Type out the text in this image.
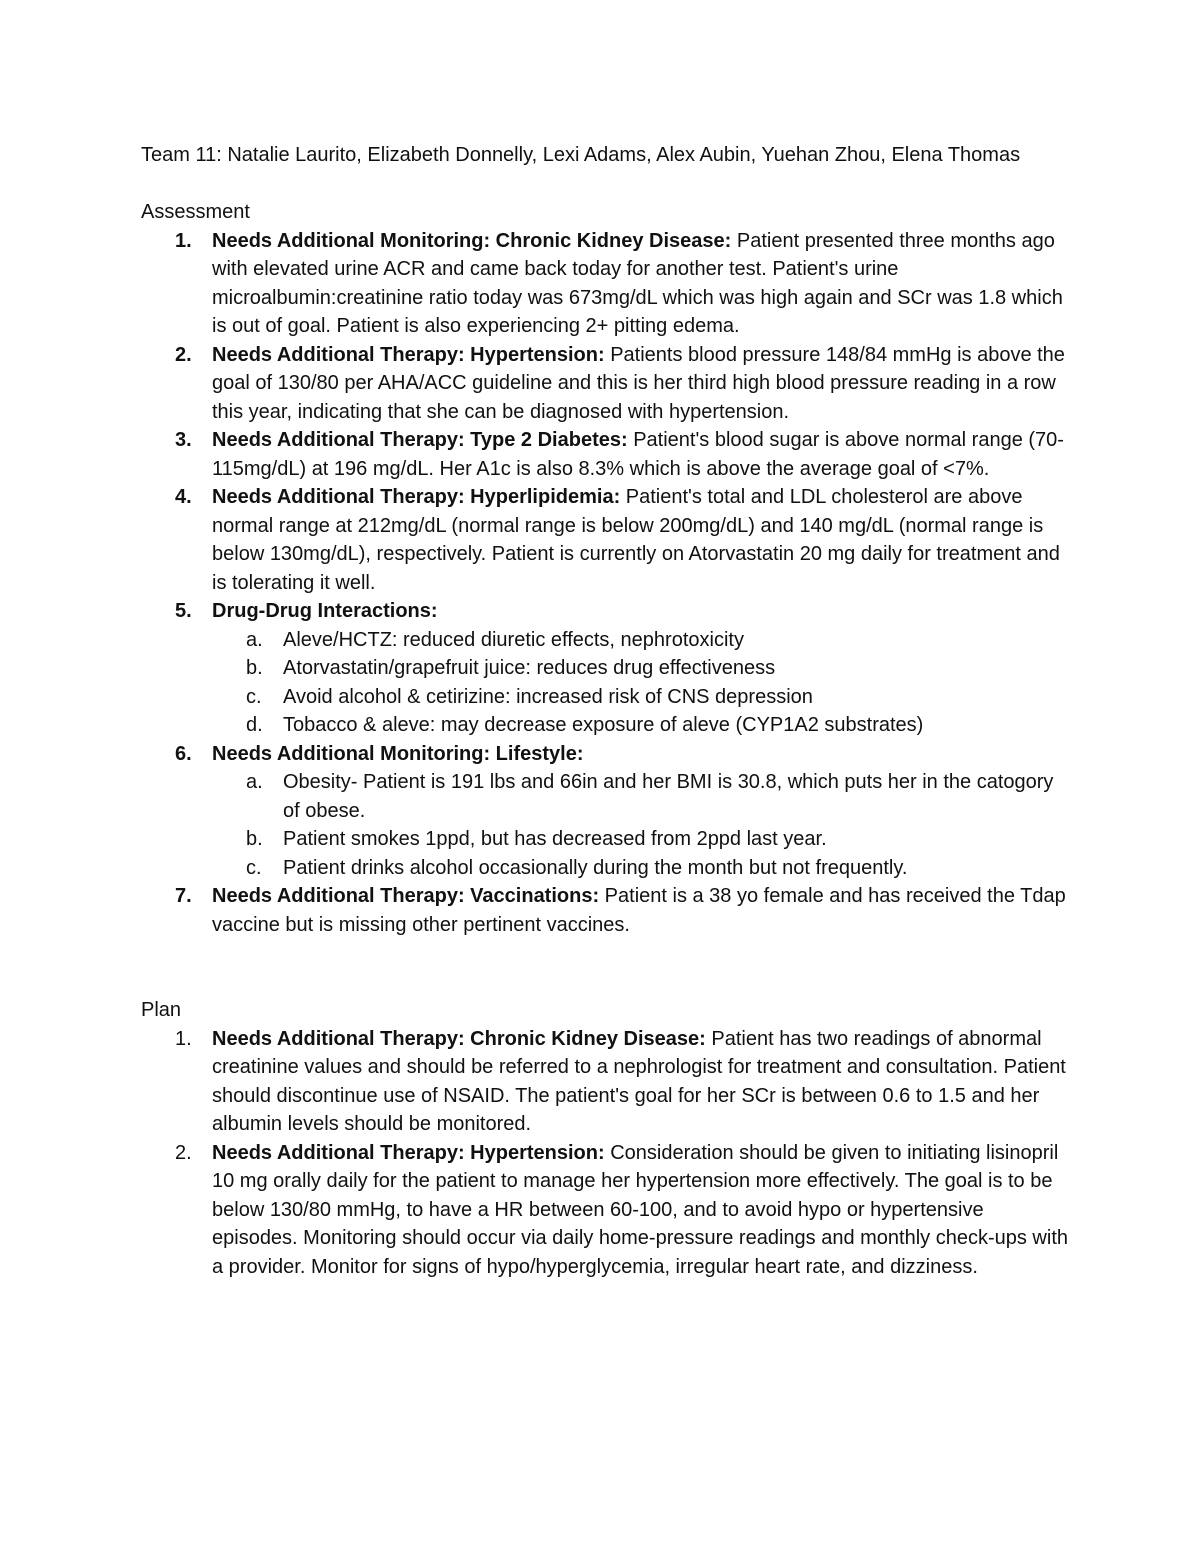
Team 11: Natalie Laurito, Elizabeth Donnelly, Lexi Adams, Alex Aubin, Yuehan Zhou, Elena Thomas

Assessment

1. Needs Additional Monitoring: Chronic Kidney Disease: Patient presented three months ago with elevated urine ACR and came back today for another test. Patient's urine microalbumin:creatinine ratio today was 673mg/dL which was high again and SCr was 1.8 which is out of goal. Patient is also experiencing 2+ pitting edema.
2. Needs Additional Therapy: Hypertension: Patients blood pressure 148/84 mmHg is above the goal of 130/80 per AHA/ACC guideline and this is her third high blood pressure reading in a row this year, indicating that she can be diagnosed with hypertension.
3. Needs Additional Therapy: Type 2 Diabetes: Patient's blood sugar is above normal range (70-115mg/dL) at 196 mg/dL. Her A1c is also 8.3% which is above the average goal of <7%.
4. Needs Additional Therapy: Hyperlipidemia: Patient's total and LDL cholesterol are above normal range at 212mg/dL (normal range is below 200mg/dL) and 140 mg/dL (normal range is below 130mg/dL), respectively. Patient is currently on Atorvastatin 20 mg daily for treatment and is tolerating it well.
5. Drug-Drug Interactions:
a. Aleve/HCTZ: reduced diuretic effects, nephrotoxicity
b. Atorvastatin/grapefruit juice: reduces drug effectiveness
c. Avoid alcohol & cetirizine: increased risk of CNS depression
d. Tobacco & aleve: may decrease exposure of aleve (CYP1A2 substrates)
6. Needs Additional Monitoring: Lifestyle:
a. Obesity- Patient is 191 lbs and 66in and her BMI is 30.8, which puts her in the catogory of obese.
b. Patient smokes 1ppd, but has decreased from 2ppd last year.
c. Patient drinks alcohol occasionally during the month but not frequently.
7. Needs Additional Therapy: Vaccinations: Patient is a 38 yo female and has received the Tdap vaccine but is missing other pertinent vaccines.

Plan

1. Needs Additional Therapy: Chronic Kidney Disease: Patient has two readings of abnormal creatinine values and should be referred to a nephrologist for treatment and consultation. Patient should discontinue use of NSAID. The patient's goal for her SCr is between 0.6 to 1.5 and her albumin levels should be monitored.
2. Needs Additional Therapy: Hypertension: Consideration should be given to initiating lisinopril 10 mg orally daily for the patient to manage her hypertension more effectively. The goal is to be below 130/80 mmHg, to have a HR between 60-100, and to avoid hypo or hypertensive episodes. Monitoring should occur via daily home-pressure readings and monthly check-ups with a provider. Monitor for signs of hypo/hyperglycemia, irregular heart rate, and dizziness.
